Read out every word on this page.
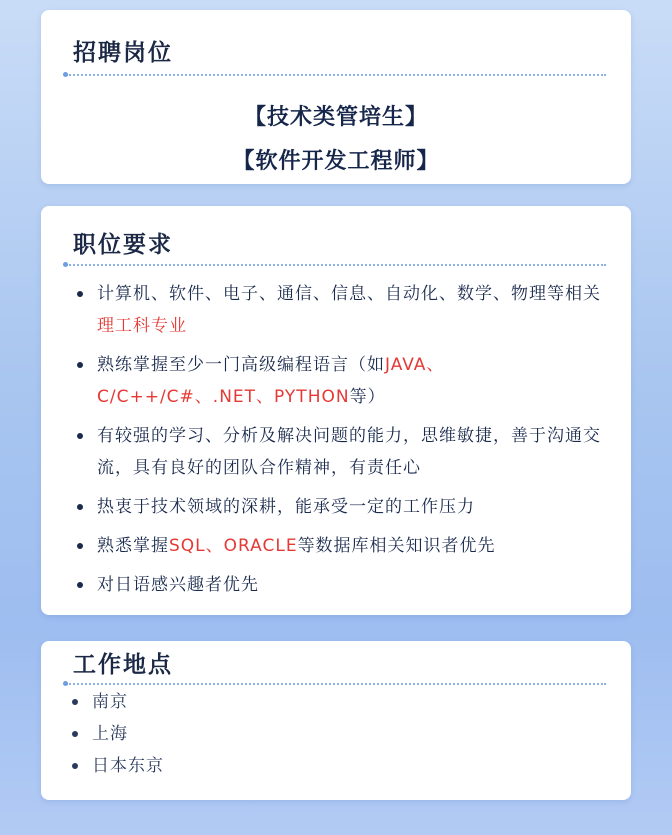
招聘岗位
【技术类管培生】
【软件开发工程师】
职位要求
计算机、软件、电子、通信、信息、自动化、数学、物理等相关理工科专业
熟练掌握至少一门高级编程语言（如JAVA、C/C++/C#、.NET、PYTHON等）
有较强的学习、分析及解决问题的能力，思维敏捷，善于沟通交流，具有良好的团队合作精神，有责任心
热衷于技术领域的深耕，能承受一定的工作压力
熟悉掌握SQL、ORACLE等数据库相关知识者优先
对日语感兴趣者优先
工作地点
南京
上海
日本东京
